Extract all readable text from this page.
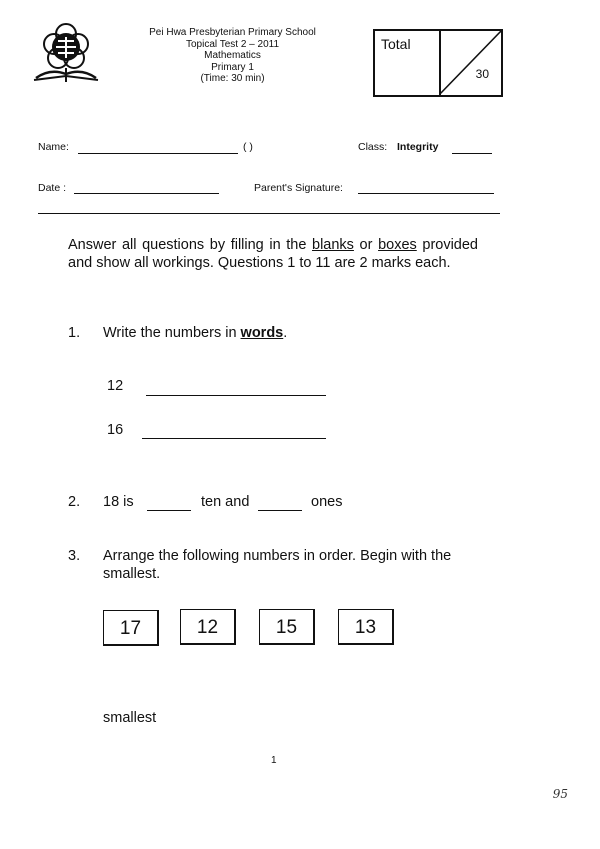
Pei Hwa Presbyterian Primary School
Topical Test 2 – 2011
Mathematics
Primary 1
(Time: 30 min)
Total
30
Name:	( )	Class: Integrity
Date :	Parent's Signature:
Answer all questions by filling in the blanks or boxes provided and show all workings. Questions 1 to 11 are 2 marks each.
1. Write the numbers in words.
12
16
2. 18 is	ten and	ones
3. Arrange the following numbers in order. Begin with the smallest.
17	12	15	13
smallest
1
95
